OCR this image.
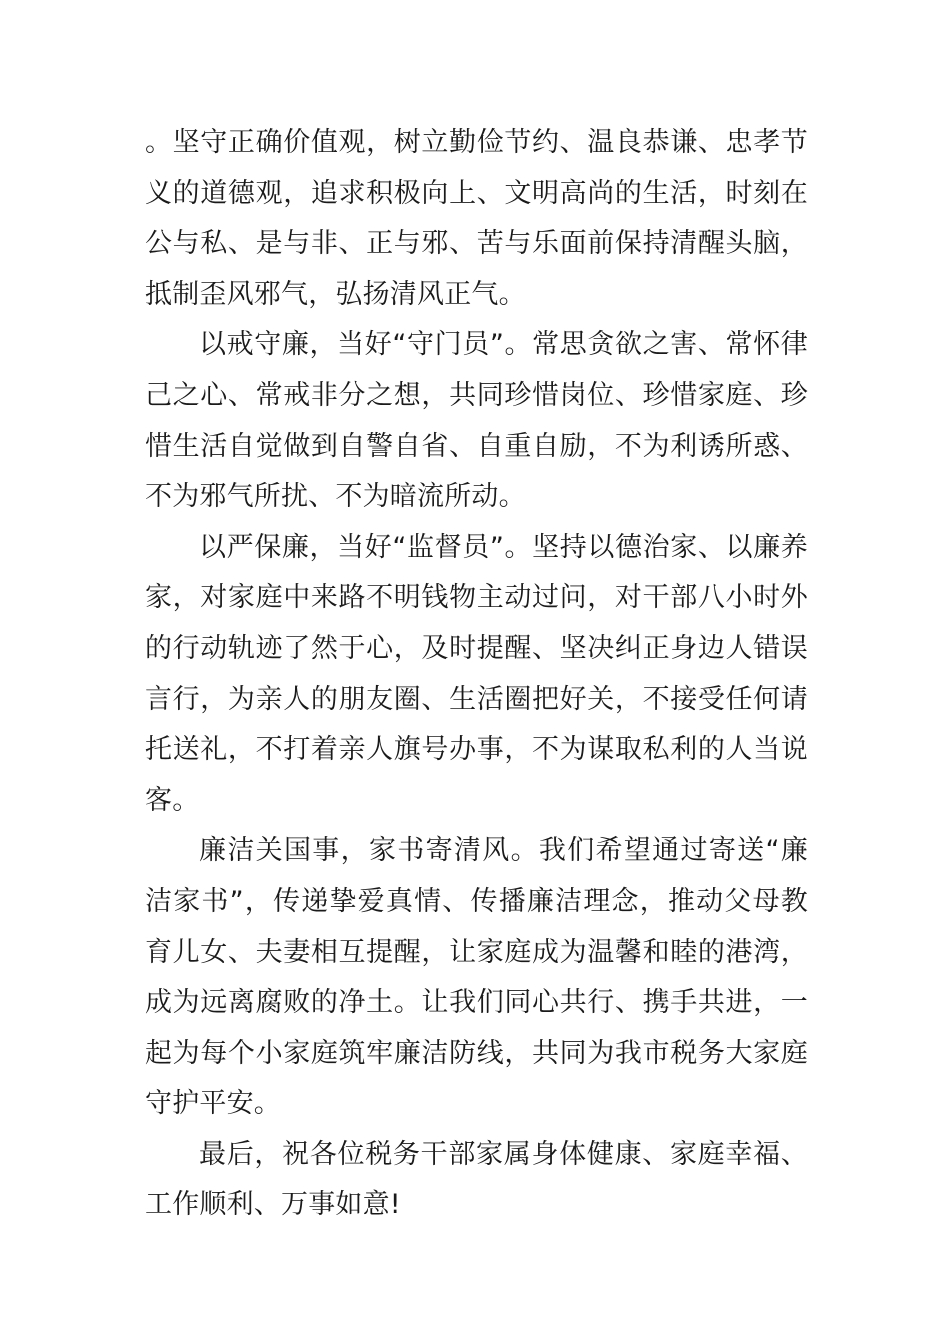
。坚守正确价值观，树立勤俭节约、温良恭谦、忠孝节义的道德观，追求积极向上、文明高尚的生活，时刻在公与私、是与非、正与邪、苦与乐面前保持清醒头脑，抵制歪风邪气，弘扬清风正气。

以戒守廉，当好“守门员”。常思贪欲之害、常怀律己之心、常戒非分之想，共同珍惜岗位、珍惜家庭、珍惜生活自觉做到自警自省、自重自励，不为利诱所惑、不为邪气所扰、不为暗流所动。

以严保廉，当好“监督员”。坚持以德治家、以廉养家，对家庭中来路不明钱物主动过问，对干部八小时外的行动轨迹了然于心，及时提醒、坚决纠正身边人错误言行，为亲人的朋友圈、生活圈把好关，不接受任何请托送礼，不打着亲人旗号办事，不为谋取私利的人当说客。

廉洁关国事，家书寄清风。我们希望通过寄送“廉洁家书”，传递挚爱真情、传播廉洁理念，推动父母教育儿女、夫妻相互提醒，让家庭成为温馨和睦的港湾，成为远离腐败的净土。让我们同心共行、携手共进，一起为每个小家庭筑牢廉洁防线，共同为我市税务大家庭守护平安。

最后，祝各位税务干部家属身体健康、家庭幸福、工作顺利、万事如意!
